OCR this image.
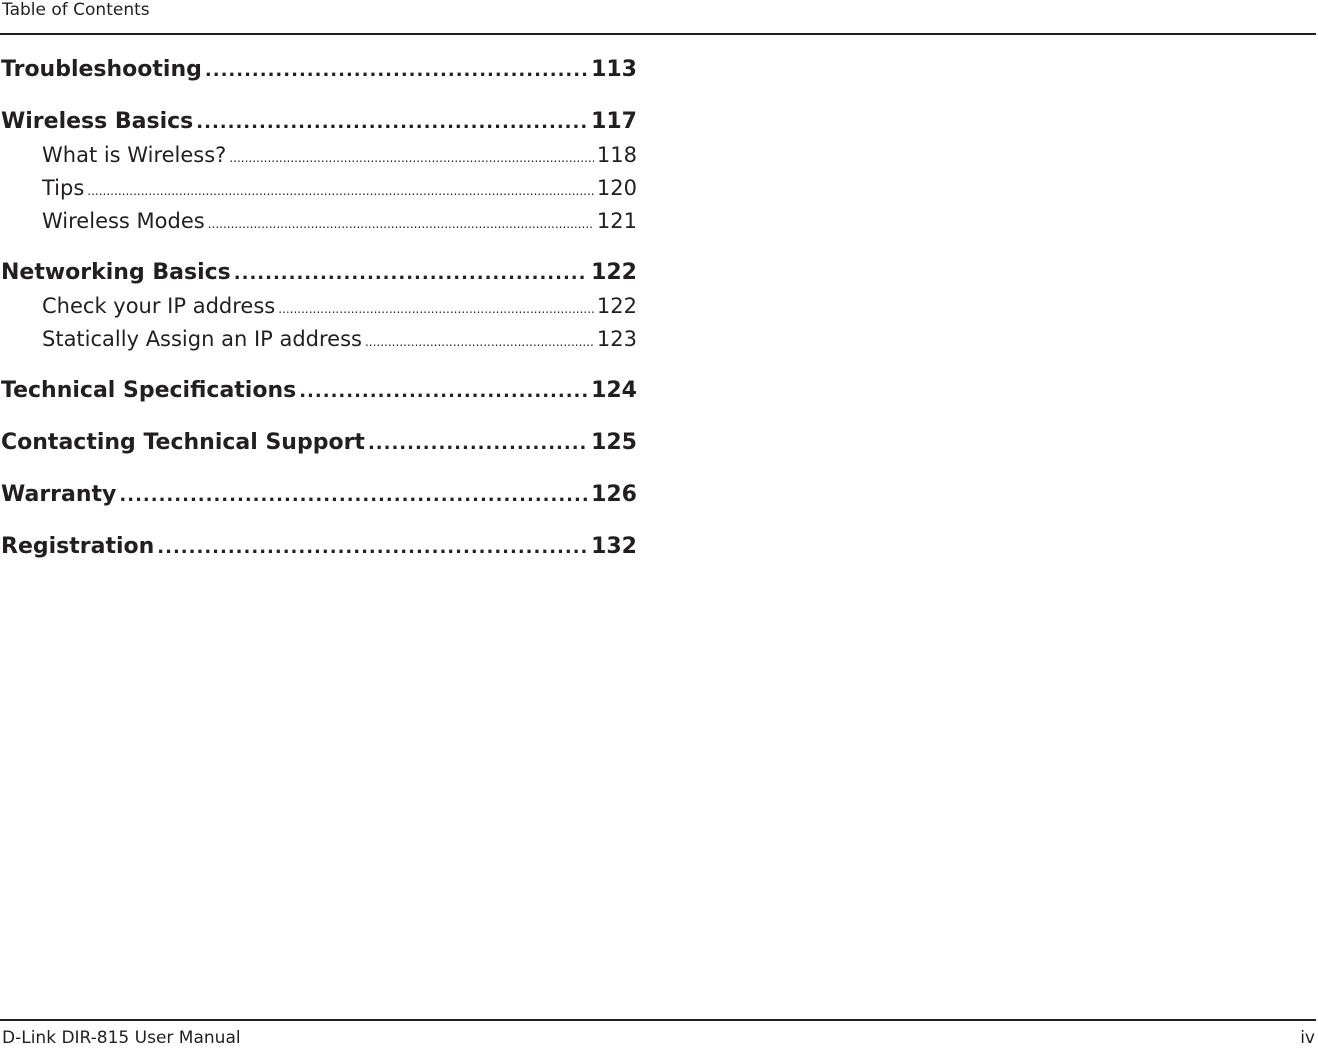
Table of Contents
Troubleshooting .....	113
Wireless Basics .....	117
What is Wireless? .....	118
Tips .....	120
Wireless Modes .....	121
Networking Basics .....	122
Check your IP address .....	122
Statically Assign an IP address .....	123
Technical Specifications .....	124
Contacting Technical Support .....	125
Warranty .....	126
Registration .....	132
D-Link DIR-815 User Manual	iv
